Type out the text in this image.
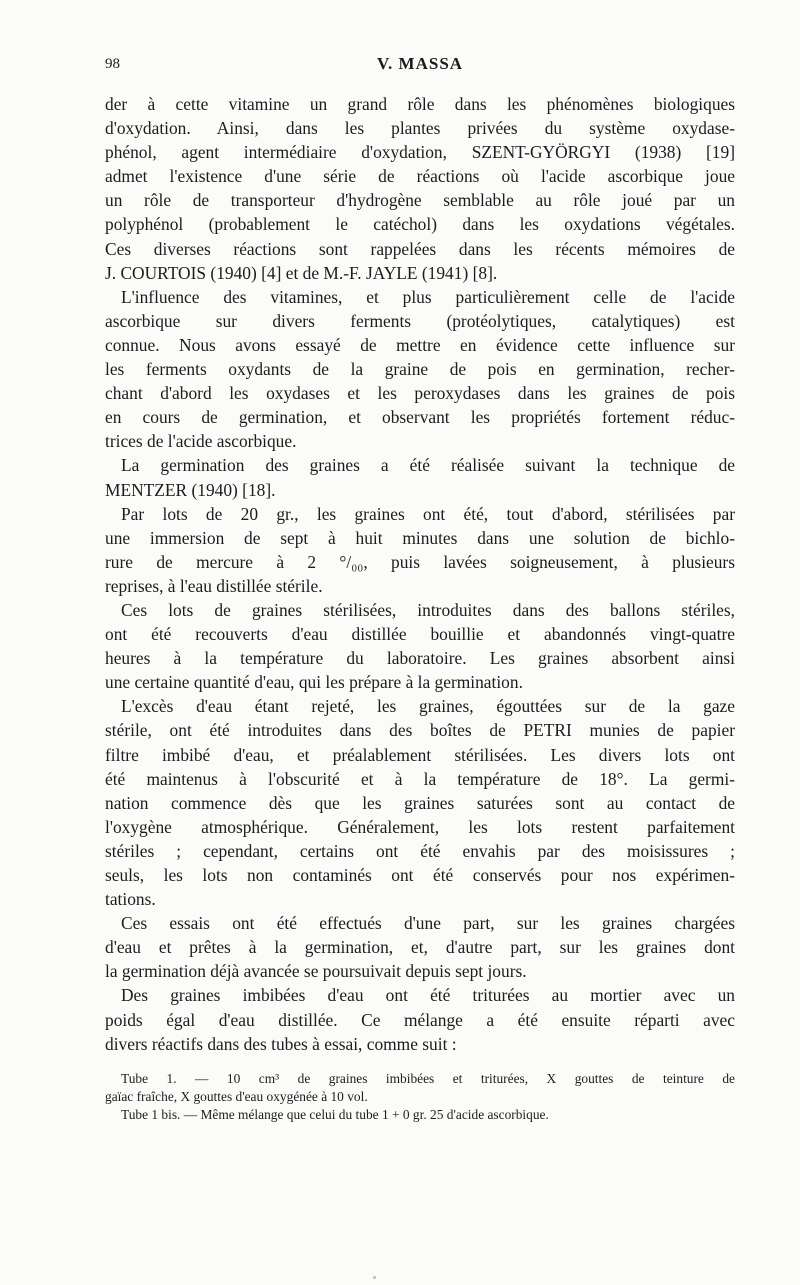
98	V. MASSA
der à cette vitamine un grand rôle dans les phénomènes biologiques
d'oxydation. Ainsi, dans les plantes privées du système oxydase-
phénol, agent intermédiaire d'oxydation, SZENT-GYÖRGYI (1938) [19]
admet l'existence d'une série de réactions où l'acide ascorbique joue
un rôle de transporteur d'hydrogène semblable au rôle joué par un
polyphénol (probablement le catéchol) dans les oxydations végétales.
Ces diverses réactions sont rappelées dans les récents mémoires de
J. COURTOIS (1940) [4] et de M.-F. JAYLE (1941) [8].
L'influence des vitamines, et plus particulièrement celle de l'acide
ascorbique sur divers ferments (protéolytiques, catalytiques) est
connue. Nous avons essayé de mettre en évidence cette influence sur
les ferments oxydants de la graine de pois en germination, recher-
chant d'abord les oxydases et les peroxydases dans les graines de pois
en cours de germination, et observant les propriétés fortement réduc-
trices de l'acide ascorbique.
La germination des graines a été réalisée suivant la technique de
MENTZER (1940) [18].
Par lots de 20 gr., les graines ont été, tout d'abord, stérilisées par
une immersion de sept à huit minutes dans une solution de bichlo-
rure de mercure à 2 °/₀₀, puis lavées soigneusement, à plusieurs
reprises, à l'eau distillée stérile.
Ces lots de graines stérilisées, introduites dans des ballons stériles,
ont été recouverts d'eau distillée bouillie et abandonnés vingt-quatre
heures à la température du laboratoire. Les graines absorbent ainsi
une certaine quantité d'eau, qui les prépare à la germination.
L'excès d'eau étant rejeté, les graines, égouttées sur de la gaze
stérile, ont été introduites dans des boîtes de PETRI munies de papier
filtre imbibé d'eau, et préalablement stérilisées. Les divers lots ont
été maintenus à l'obscurité et à la température de 18°. La germi-
nation commence dès que les graines saturées sont au contact de
l'oxygène atmosphérique. Généralement, les lots restent parfaitement
stériles ; cependant, certains ont été envahis par des moisissures ;
seuls, les lots non contaminés ont été conservés pour nos expérimen-
tations.
Ces essais ont été effectués d'une part, sur les graines chargées
d'eau et prêtes à la germination, et, d'autre part, sur les graines dont
la germination déjà avancée se poursuivait depuis sept jours.
Des graines imbibées d'eau ont été triturées au mortier avec un
poids égal d'eau distillée. Ce mélange a été ensuite réparti avec
divers réactifs dans des tubes à essai, comme suit :
Tube 1. — 10 cm³ de graines imbibées et triturées, X gouttes de teinture de
gaïac fraîche, X gouttes d'eau oxygénée à 10 vol.
Tube 1 bis. — Même mélange que celui du tube 1 + 0 gr. 25 d'acide ascorbique.
